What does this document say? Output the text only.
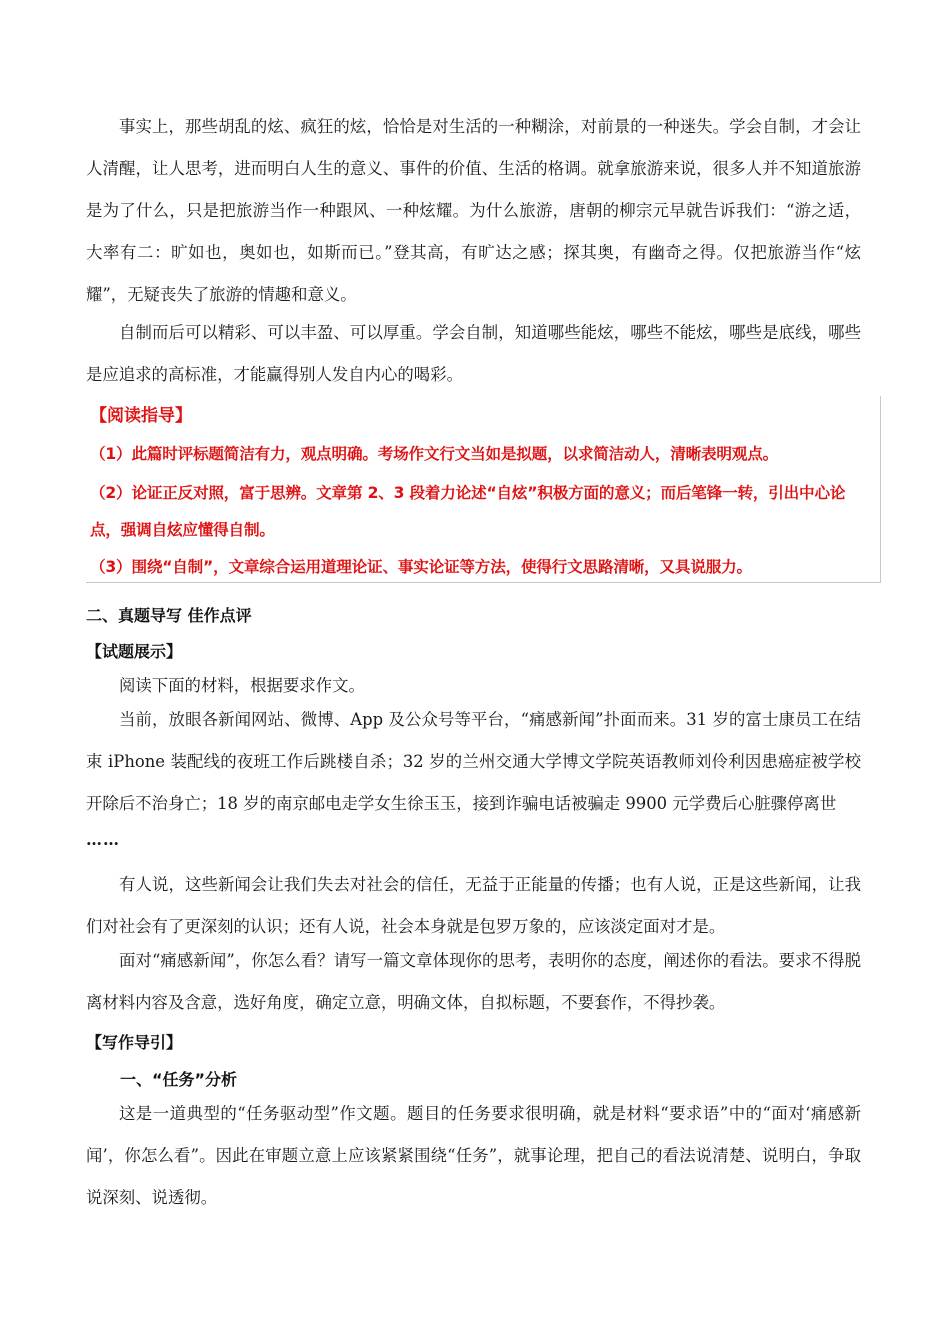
事实上，那些胡乱的炫、疯狂的炫，恰恰是对生活的一种糊涂，对前景的一种迷失。学会自制，才会让人清醒，让人思考，进而明白人生的意义、事件的价值、生活的格调。就拿旅游来说，很多人并不知道旅游是为了什么，只是把旅游当作一种跟风、一种炫耀。为什么旅游，唐朝的柳宗元早就告诉我们：“游之适，大率有二：旷如也，奥如也，如斯而已。”登其高，有旷达之感；探其奥，有幽奇之得。仅把旅游当作“炫耀”，无疑丧失了旅游的情趣和意义。

自制而后可以精彩、可以丰盈、可以厚重。学会自制，知道哪些能炫，哪些不能炫，哪些是底线，哪些是应追求的高标准，才能赢得别人发自内心的喝彩。

【阅读指导】

（1）此篇时评标题简洁有力，观点明确。考场作文行文当如是拟题，以求简洁动人，清晰表明观点。

（2）论证正反对照，富于思辨。文章第 2、3 段着力论述“自炫”积极方面的意义；而后笔锋一转，引出中心论点，强调自炫应懂得自制。

（3）围绕“自制”，文章综合运用道理论证、事实论证等方法，使得行文思路清晰，又具说服力。

二、真题导写 佳作点评
【试题展示】

阅读下面的材料，根据要求作文。

当前，放眼各新闻网站、微博、App 及公众号等平台，“痛感新闻”扑面而来。31 岁的富士康员工在结束 iPhone 装配线的夜班工作后跳楼自杀；32 岁的兰州交通大学博文学院英语教师刘伶利因患癌症被学校开除后不治身亡；18 岁的南京邮电走学女生徐玉玉，接到诈骗电话被骗走 9900 元学费后心脏骤停离世

……

有人说，这些新闻会让我们失去对社会的信任，无益于正能量的传播；也有人说，正是这些新闻，让我们对社会有了更深刻的认识；还有人说，社会本身就是包罗万象的，应该淡定面对才是。

面对“痛感新闻”，你怎么看？请写一篇文章体现你的思考，表明你的态度，阐述你的看法。要求不得脱离材料内容及含意，选好角度，确定立意，明确文体，自拟标题，不要套作，不得抄袭。

【写作导引】
一、“任务”分析

这是一道典型的“任务驱动型”作文题。题目的任务要求很明确，就是材料“要求语”中的“面对‘痛感新闻’，你怎么看”。因此在审题立意上应该紧紧围绕“任务”，就事论理，把自己的看法说清楚、说明白，争取说深刻、说透彻。
